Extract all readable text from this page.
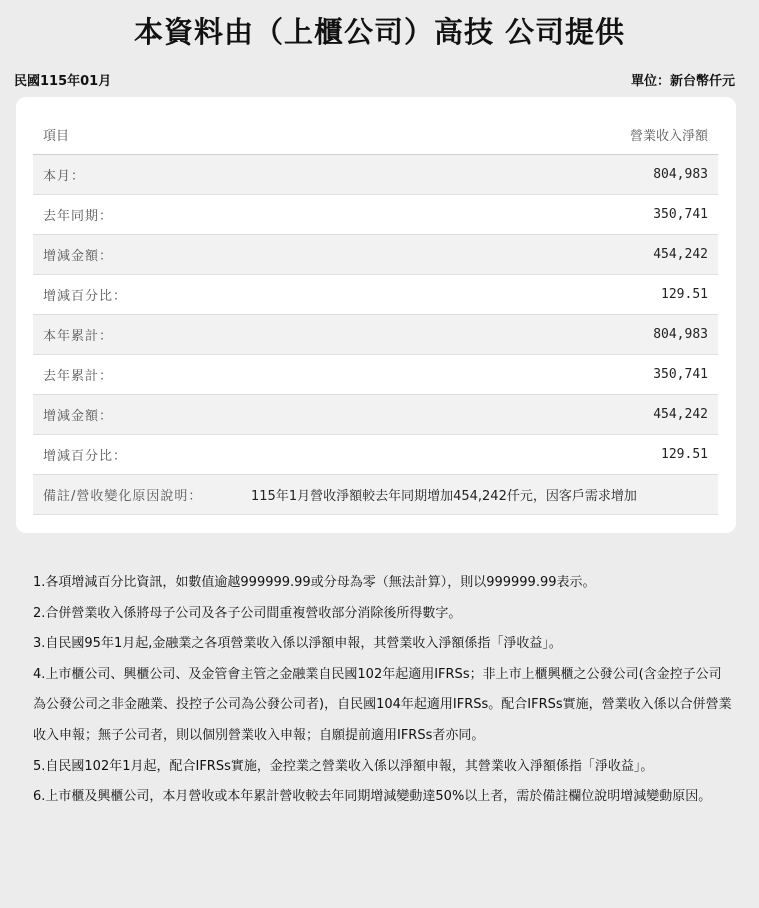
本資料由（上櫃公司）高技 公司提供
民國115年01月	單位：新台幣仟元
項目	營業收入淨額
本月：	804,983
去年同期：	350,741
增減金額：	454,242
增減百分比：	129.51
本年累計：	804,983
去年累計：	350,741
增減金額：	454,242
增減百分比：	129.51
備註/營收變化原因說明：	115年1月營收淨額較去年同期增加454,242仟元，因客戶需求增加

1.各項增減百分比資訊，如數值逾越999999.99或分母為零（無法計算），則以999999.99表示。

2.合併營業收入係將母子公司及各子公司間重複營收部分消除後所得數字。

3.自民國95年1月起,金融業之各項營業收入係以淨額申報，其營業收入淨額係指「淨收益」。

4.上市櫃公司、興櫃公司、及金管會主管之金融業自民國102年起適用IFRSs；非上市上櫃興櫃之公發公司(含金控子公司為公發公司之非金融業、投控子公司為公發公司者)，自民國104年起適用IFRSs。配合IFRSs實施，營業收入係以合併營業收入申報；無子公司者，則以個別營業收入申報；自願提前適用IFRSs者亦同。

5.自民國102年1月起，配合IFRSs實施，金控業之營業收入係以淨額申報，其營業收入淨額係指「淨收益」。

6.上市櫃及興櫃公司，本月營收或本年累計營收較去年同期增減變動達50%以上者，需於備註欄位說明增減變動原因。
